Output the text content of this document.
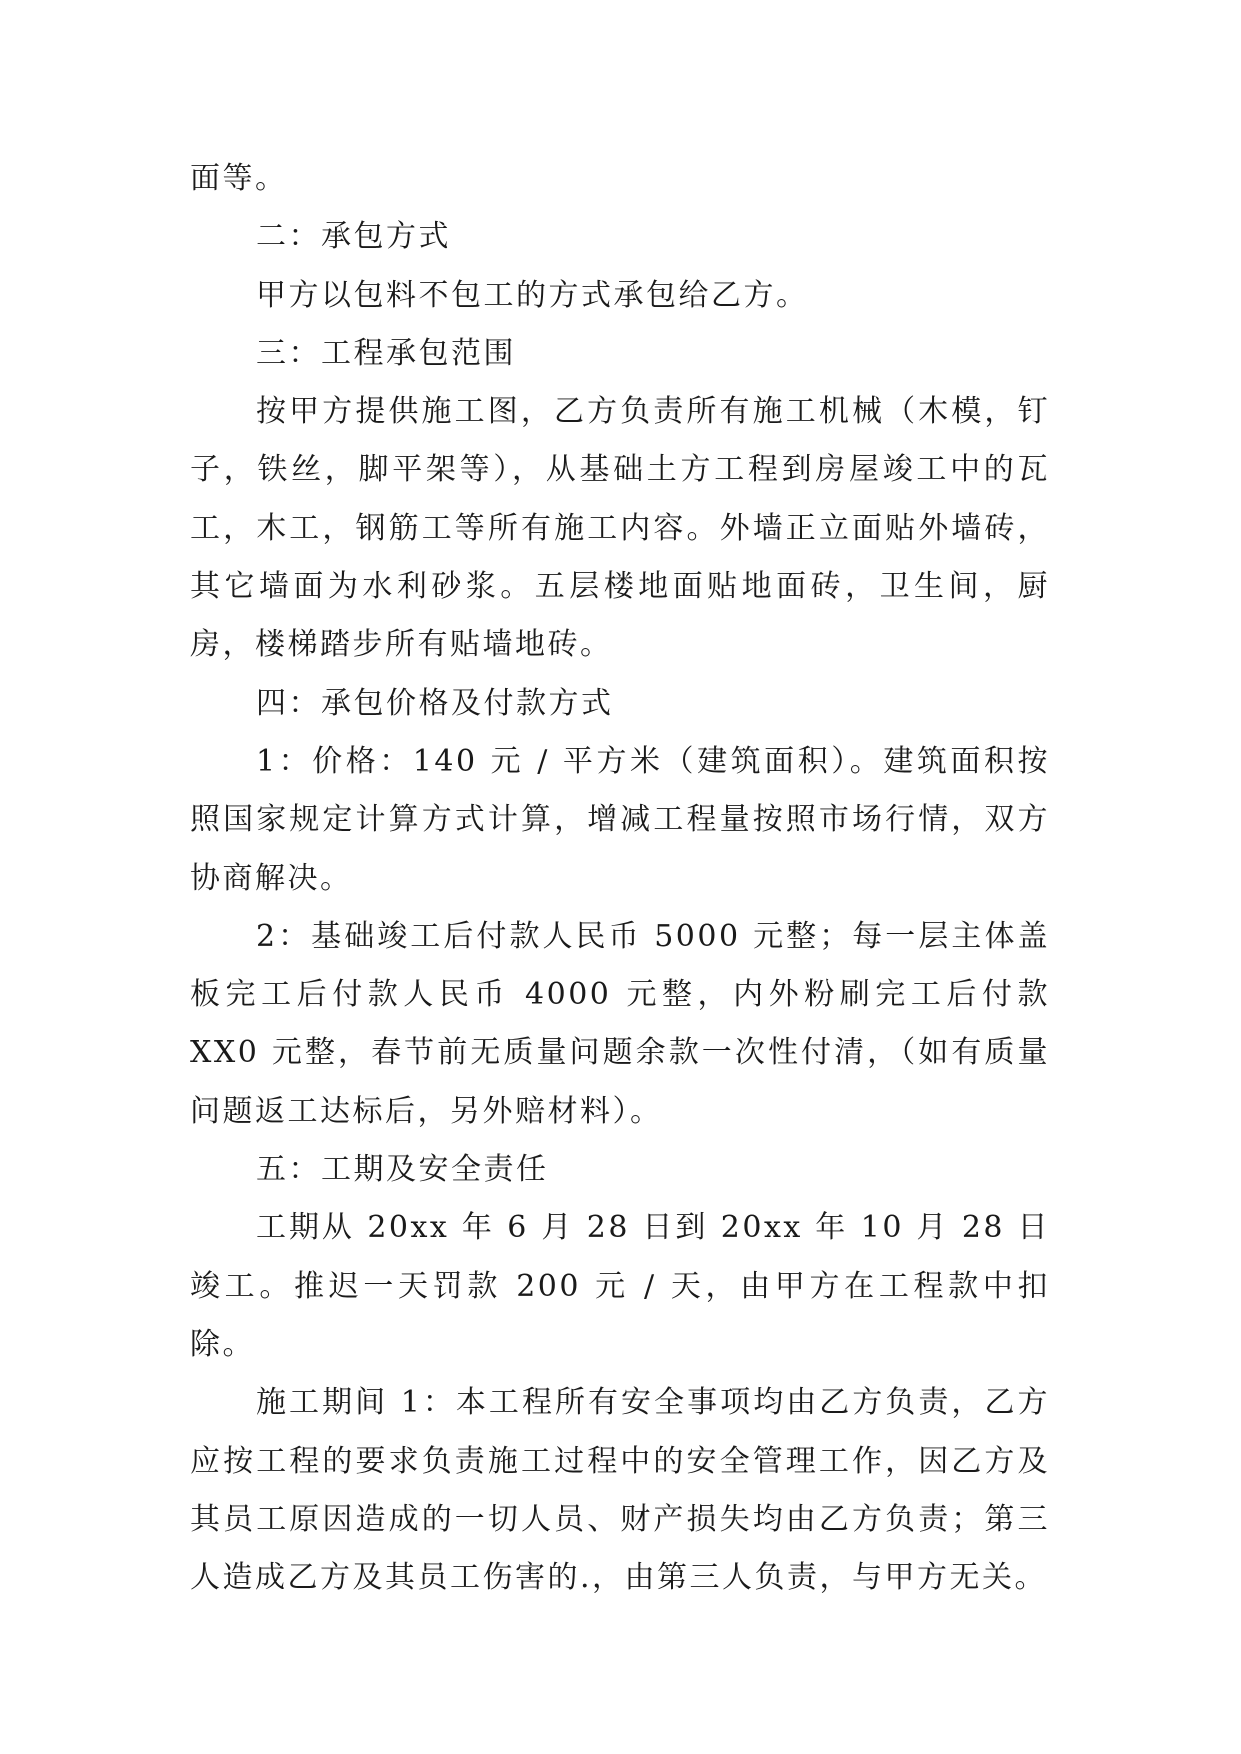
面等。

二：承包方式

甲方以包料不包工的方式承包给乙方。

三：工程承包范围

按甲方提供施工图，乙方负责所有施工机械（木模，钉子，铁丝，脚平架等），从基础土方工程到房屋竣工中的瓦工，木工，钢筋工等所有施工内容。外墙正立面贴外墙砖，其它墙面为水利砂浆。五层楼地面贴地面砖，卫生间，厨房，楼梯踏步所有贴墙地砖。

四：承包价格及付款方式

1：价格：140 元 / 平方米（建筑面积）。建筑面积按照国家规定计算方式计算，增减工程量按照市场行情，双方协商解决。

2：基础竣工后付款人民币 5000 元整；每一层主体盖板完工后付款人民币 4000 元整，内外粉刷完工后付款 XX0 元整，春节前无质量问题余款一次性付清，（如有质量问题返工达标后，另外赔材料）。

五：工期及安全责任

工期从 20xx 年 6 月 28 日到 20xx 年 10 月 28 日竣工。推迟一天罚款 200 元 / 天，由甲方在工程款中扣除。

施工期间 1：本工程所有安全事项均由乙方负责，乙方应按工程的要求负责施工过程中的安全管理工作，因乙方及其员工原因造成的一切人员、财产损失均由乙方负责；第三人造成乙方及其员工伤害的.，由第三人负责，与甲方无关。
